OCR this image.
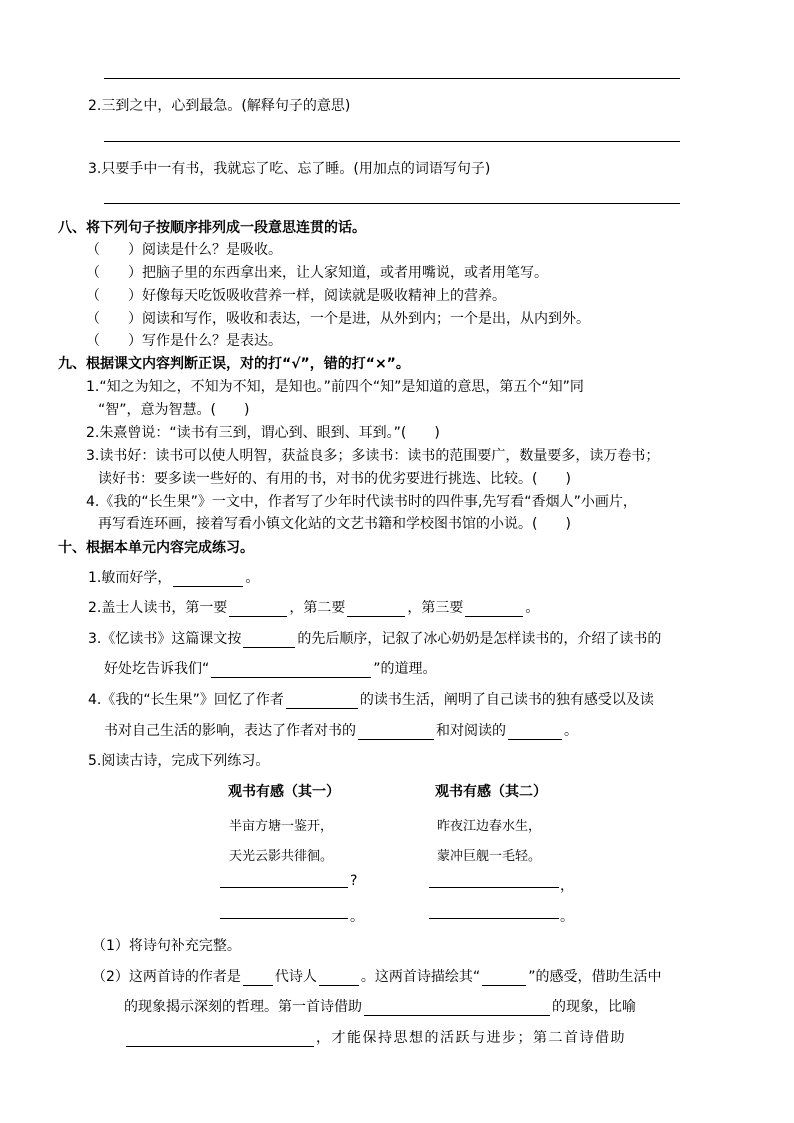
2.三到之中，心到最急。(解释句子的意思)
3.只要手中一有书，我就忘了吃、忘了睡。(用加点的词语写句子)
八、将下列句子按顺序排列成一段意思连贯的话。
（　　）阅读是什么？是吸收。
（　　）把脑子里的东西拿出来，让人家知道，或者用嘴说，或者用笔写。
（　　）好像每天吃饭吸收营养一样，阅读就是吸收精神上的营养。
（　　）阅读和写作，吸收和表达，一个是进，从外到内；一个是出，从内到外。
（　　）写作是什么？是表达。
九、根据课文内容判断正误，对的打“√”，错的打“×”。
1.“知之为知之，不知为不知，是知也。”前四个“知”是知道的意思，第五个“知”同
“智”，意为智慧。(　　)
2.朱熹曾说：“读书有三到，谓心到、眼到、耳到。”(　　)
3.读书好：读书可以使人明智，获益良多；多读书：读书的范围要广，数量要多，读万卷书；
读好书：要多读一些好的、有用的书，对书的优劣要进行挑选、比较。(　　)
4.《我的“长生果”》一文中，作者写了少年时代读书时的四件事,先写看“香烟人”小画片，
再写看连环画，接着写看小镇文化站的文艺书籍和学校图书馆的小说。(　　)
十、根据本单元内容完成练习。
1.敏而好学，	。
2.盖士人读书，第一要	，第二要	，第三要	。
3.《忆读书》这篇课文按	的先后顺序，记叙了冰心奶奶是怎样读书的，介绍了读书的
好处圪告诉我们“	”的道理。
4.《我的“长生果”》回忆了作者	的读书生活，阐明了自己读书的独有感受以及读
书对自己生活的影响，表达了作者对书的	和对阅读的	。
5.阅读古诗，完成下列练习。
观书有感（其一）
半亩方塘一鉴开，
天光云影共徘徊。
?
。
观书有感（其二）
昨夜江边春水生，
蒙冲巨舰一毛轻。
，
。
（1）将诗句补充完整。
（2）这两首诗的作者是 代诗人	。这两首诗描绘其“	”的感受，借助生活中
的现象揭示深刻的哲理。第一首诗借助	的现象，比喻
，才能保持思想的活跃与进步；第二首诗借助
